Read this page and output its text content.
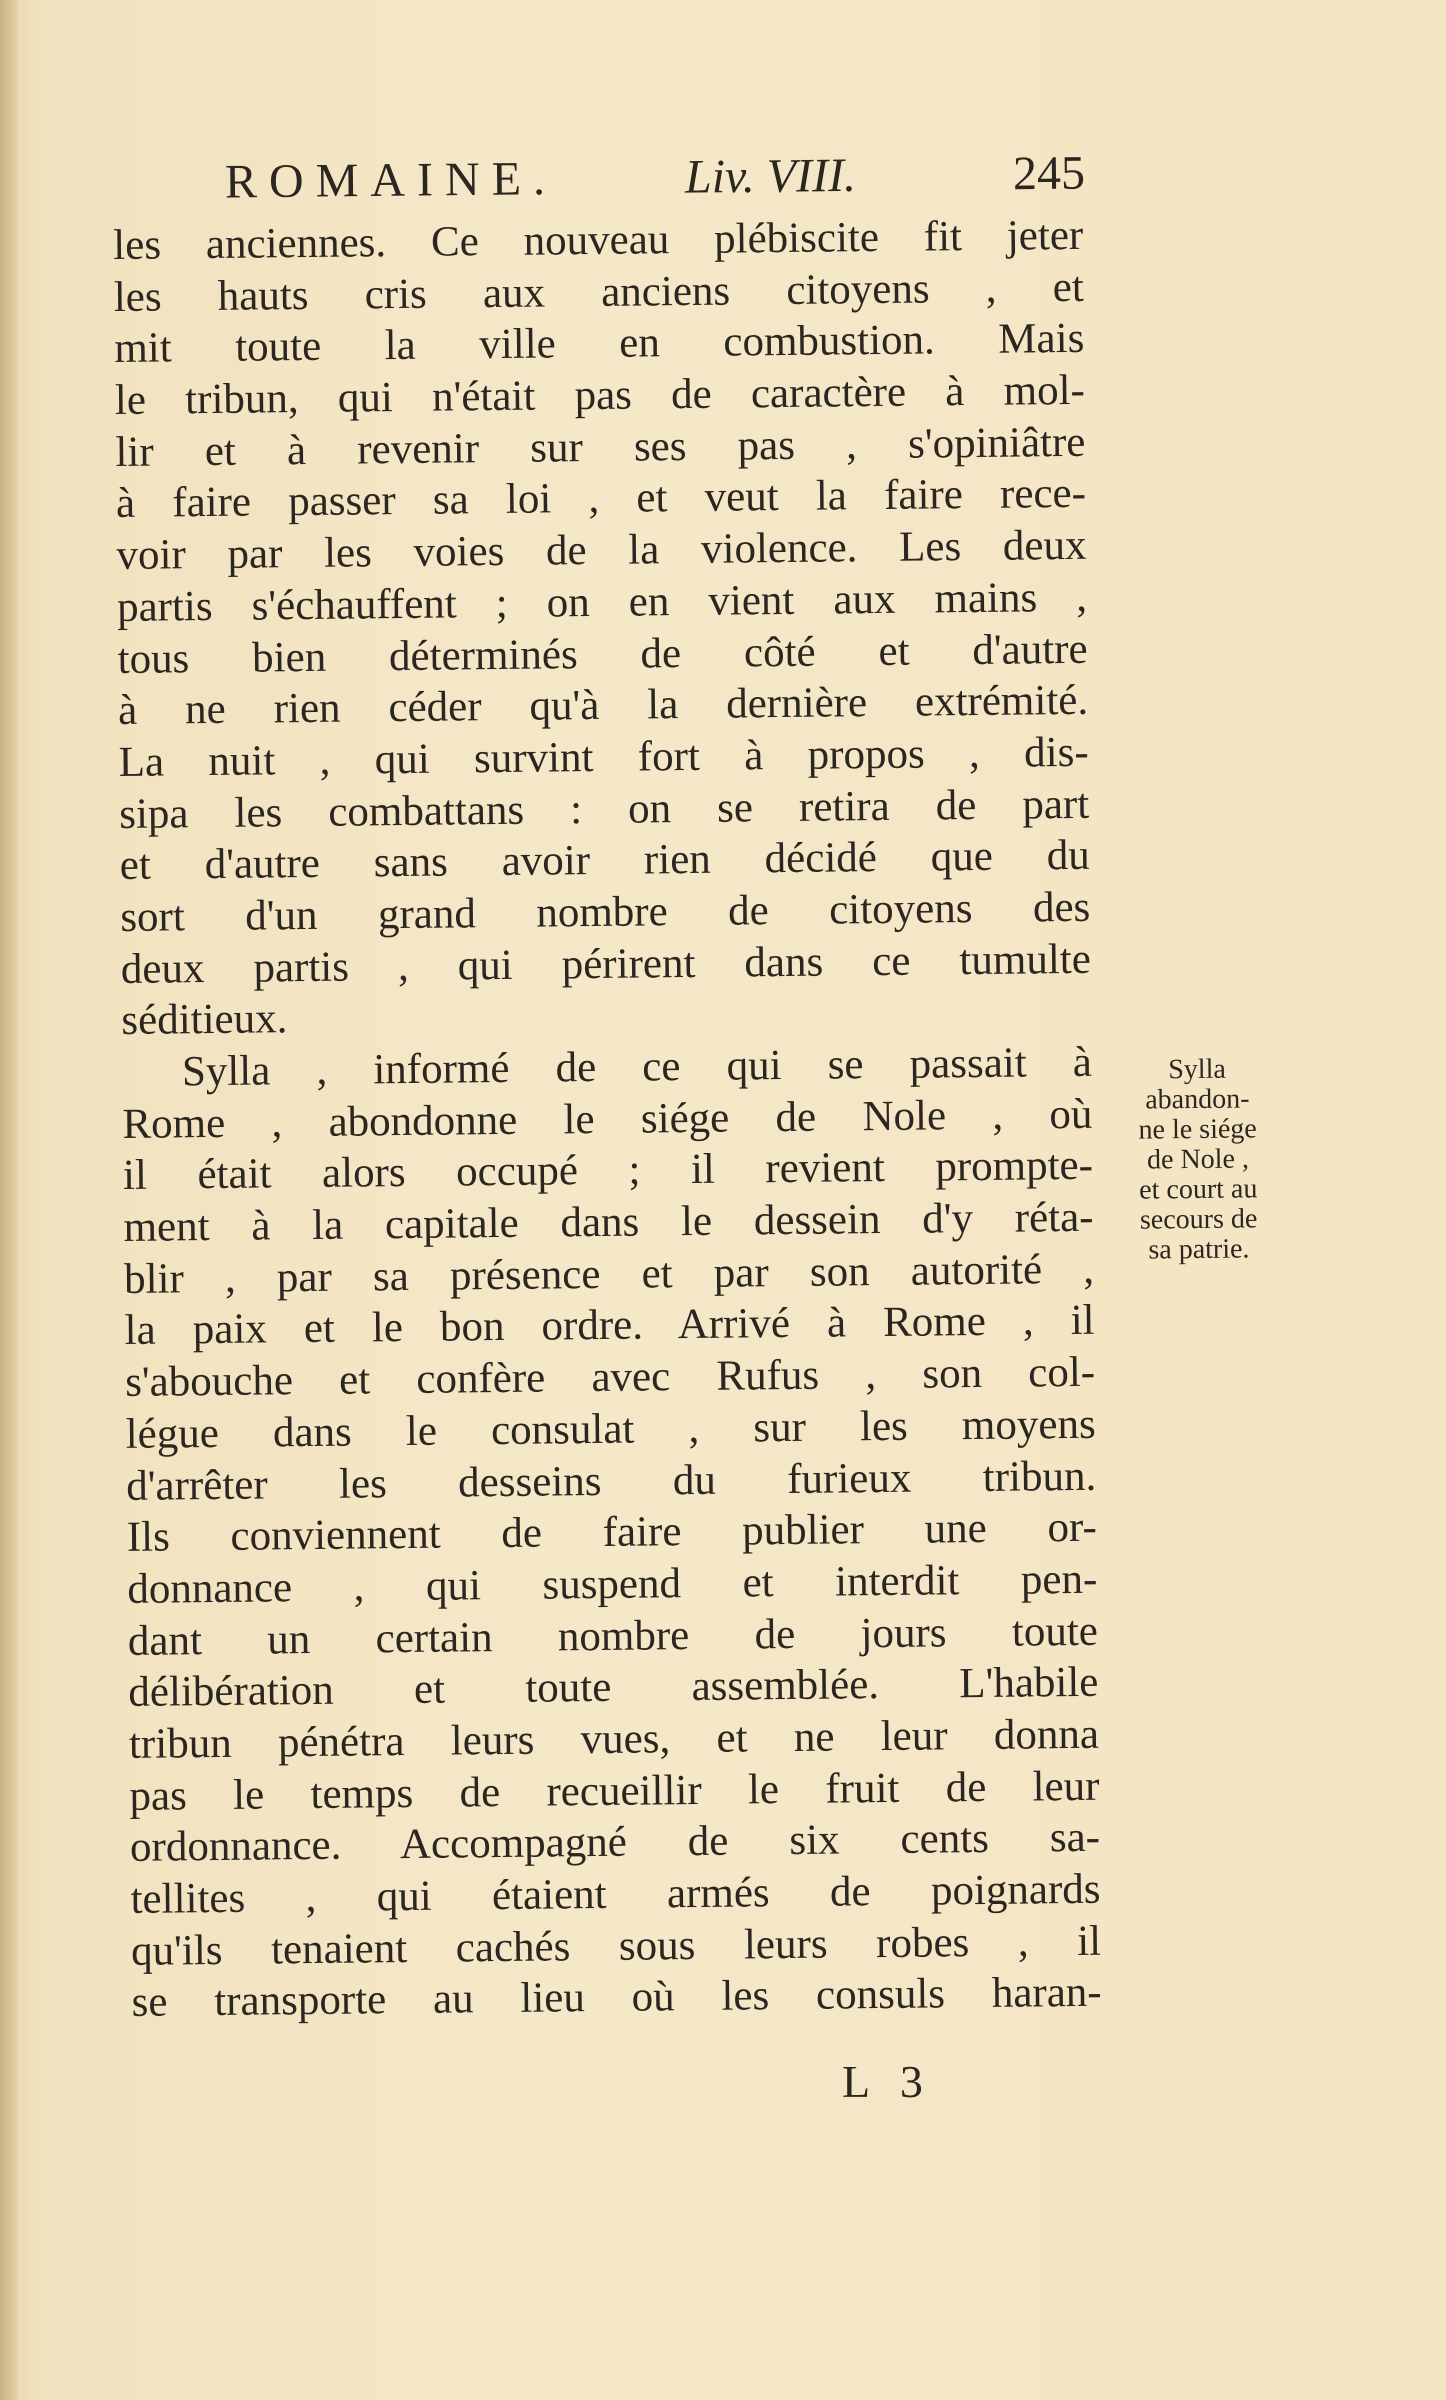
ROMAINE.	Liv. VIII.	245
les anciennes. Ce nouveau plébiscite fit jeter
les hauts cris aux anciens citoyens , et
mit toute la ville en combustion. Mais
le tribun, qui n'était pas de caractère à mol-
lir et à revenir sur ses pas , s'opiniâtre
à faire passer sa loi , et veut la faire rece-
voir par les voies de la violence. Les deux
partis s'échauffent ; on en vient aux mains ,
tous bien déterminés de côté et d'autre
à ne rien céder qu'à la dernière extrémité.
La nuit , qui survint fort à propos , dis-
sipa les combattans : on se retira de part
et d'autre sans avoir rien décidé que du
sort d'un grand nombre de citoyens des
deux partis , qui périrent dans ce tumulte
séditieux.
Sylla , informé de ce qui se passait à
Rome , abondonne le siége de Nole , où
il était alors occupé ; il revient prompte-
ment à la capitale dans le dessein d'y réta-
blir , par sa présence et par son autorité ,
la paix et le bon ordre. Arrivé à Rome , il
s'abouche et confère avec Rufus , son col-
légue dans le consulat , sur les moyens
d'arrêter les desseins du furieux tribun.
Ils conviennent de faire publier une or-
donnance , qui suspend et interdit pen-
dant un certain nombre de jours toute
délibération et toute assemblée. L'habile
tribun pénétra leurs vues, et ne leur donna
pas le temps de recueillir le fruit de leur
ordonnance. Accompagné de six cents sa-
tellites , qui étaient armés de poignards
qu'ils tenaient cachés sous leurs robes , il
se transporte au lieu où les consuls haran-
Sylla
abandon-
ne le siége
de Nole ,
et court au
secours de
sa patrie.
L 3
